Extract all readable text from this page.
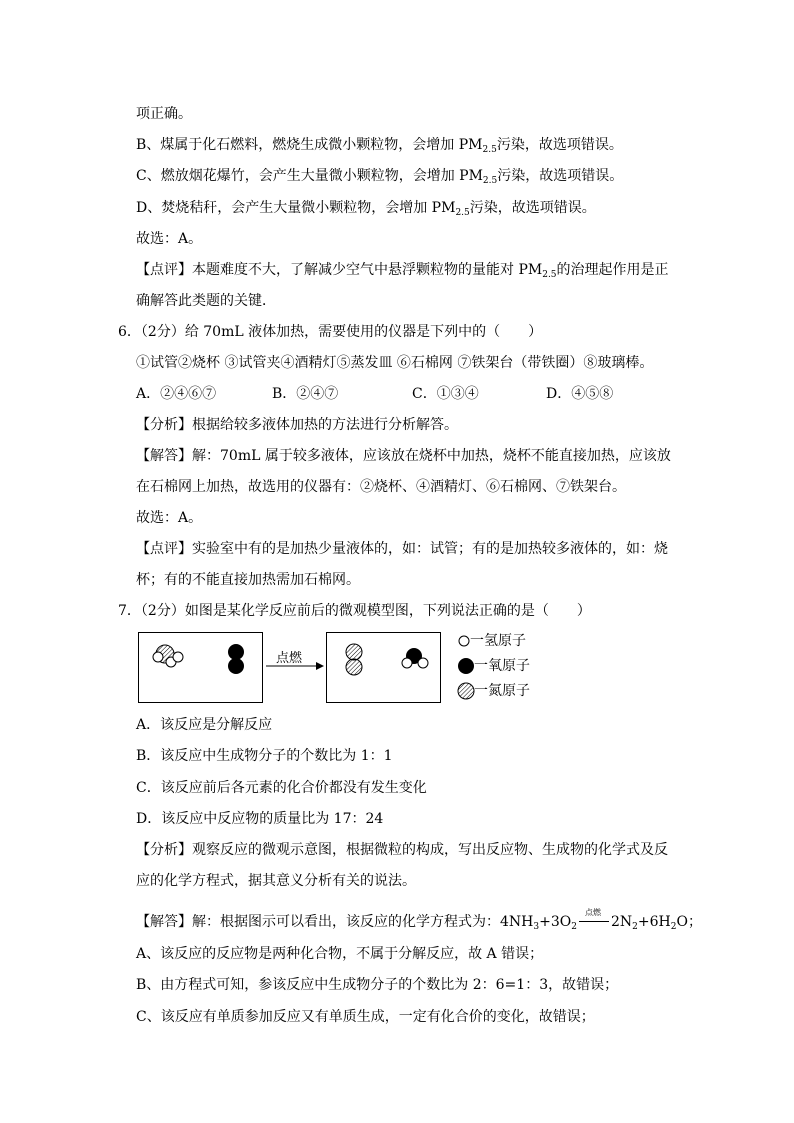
项正确。
B、煤属于化石燃料，燃烧生成微小颗粒物，会增加 $PM_{2.5}$污染，故选项错误。
C、燃放烟花爆竹，会产生大量微小颗粒物，会增加 $PM_{2.5}$污染，故选项错误。
D、焚烧秸秆，会产生大量微小颗粒物，会增加 $PM_{2.5}$污染，故选项错误。
故选：A。
【点评】本题难度不大，了解减少空气中悬浮颗粒物的量能对 $PM_{2.5}$的治理起作用是正
确解答此类题的关键．
6．（2分）给 70mL 液体加热，需要使用的仪器是下列中的（　　）
①试管②烧杯 ③试管夹④酒精灯⑤蒸发皿 ⑥石棉网 ⑦铁架台（带铁圈）⑧玻璃棒。
A．②④⑥⑦	B．②④⑦	C．①③④	D．④⑤⑧
【分析】根据给较多液体加热的方法进行分析解答。
【解答】解：70mL 属于较多液体，应该放在烧杯中加热，烧杯不能直接加热，应该放
在石棉网上加热，故选用的仪器有：②烧杯、④酒精灯、⑥石棉网、⑦铁架台。
故选：A。
【点评】实验室中有的是加热少量液体的，如：试管；有的是加热较多液体的，如：烧
杯；有的不能直接加热需加石棉网。
7．（2分）如图是某化学反应前后的微观模型图，下列说法正确的是（　　）
点燃
一氢原子
一氧原子
一氮原子
A．该反应是分解反应
B．该反应中生成物分子的个数比为 1：1
C．该反应前后各元素的化合价都没有发生变化
D．该反应中反应物的质量比为 17：24
【分析】观察反应的微观示意图，根据微粒的构成，写出反应物、生成物的化学式及反
应的化学方程式，据其意义分析有关的说法。
【解答】解：根据图示可以看出，该反应的化学方程式为：$4NH_3+3O_2$
点燃
$2N_2+6H_2O$；
A、该反应的反应物是两种化合物，不属于分解反应，故 A 错误；
B、由方程式可知，参该反应中生成物分子的个数比为 2：6=1：3，故错误；
C、该反应有单质参加反应又有单质生成，一定有化合价的变化，故错误；
